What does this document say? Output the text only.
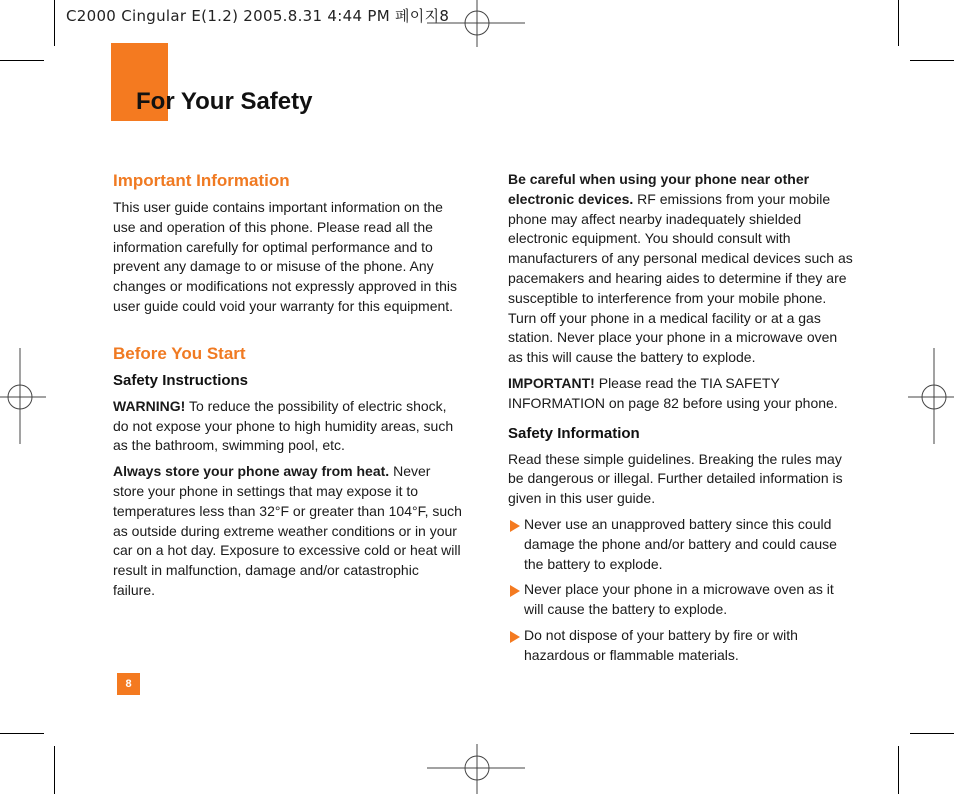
C2000 Cingular E(1.2) 2005.8.31 4:44 PM 페이지8
For Your Safety
Important Information

This user guide contains important information on the use and operation of this phone. Please read all the information carefully for optimal performance and to prevent any damage to or misuse of the phone. Any changes or modifications not expressly approved in this user guide could void your warranty for this equipment.

Before You Start
Safety Instructions

WARNING! To reduce the possibility of electric shock, do not expose your phone to high humidity areas, such as the bathroom, swimming pool, etc.

Always store your phone away from heat. Never store your phone in settings that may expose it to temperatures less than 32°F or greater than 104°F, such as outside during extreme weather conditions or in your car on a hot day. Exposure to excessive cold or heat will result in malfunction, damage and/or catastrophic failure.

Be careful when using your phone near other electronic devices. RF emissions from your mobile phone may affect nearby inadequately shielded electronic equipment. You should consult with manufacturers of any personal medical devices such as pacemakers and hearing aides to determine if they are susceptible to interference from your mobile phone. Turn off your phone in a medical facility or at a gas station. Never place your phone in a microwave oven as this will cause the battery to explode.

IMPORTANT! Please read the TIA SAFETY INFORMATION on page 82 before using your phone.

Safety Information

Read these simple guidelines. Breaking the rules may be dangerous or illegal. Further detailed information is given in this user guide.

Never use an unapproved battery since this could damage the phone and/or battery and could cause the battery to explode.
Never place your phone in a microwave oven as it will cause the battery to explode.
Do not dispose of your battery by fire or with hazardous or flammable materials.
8
